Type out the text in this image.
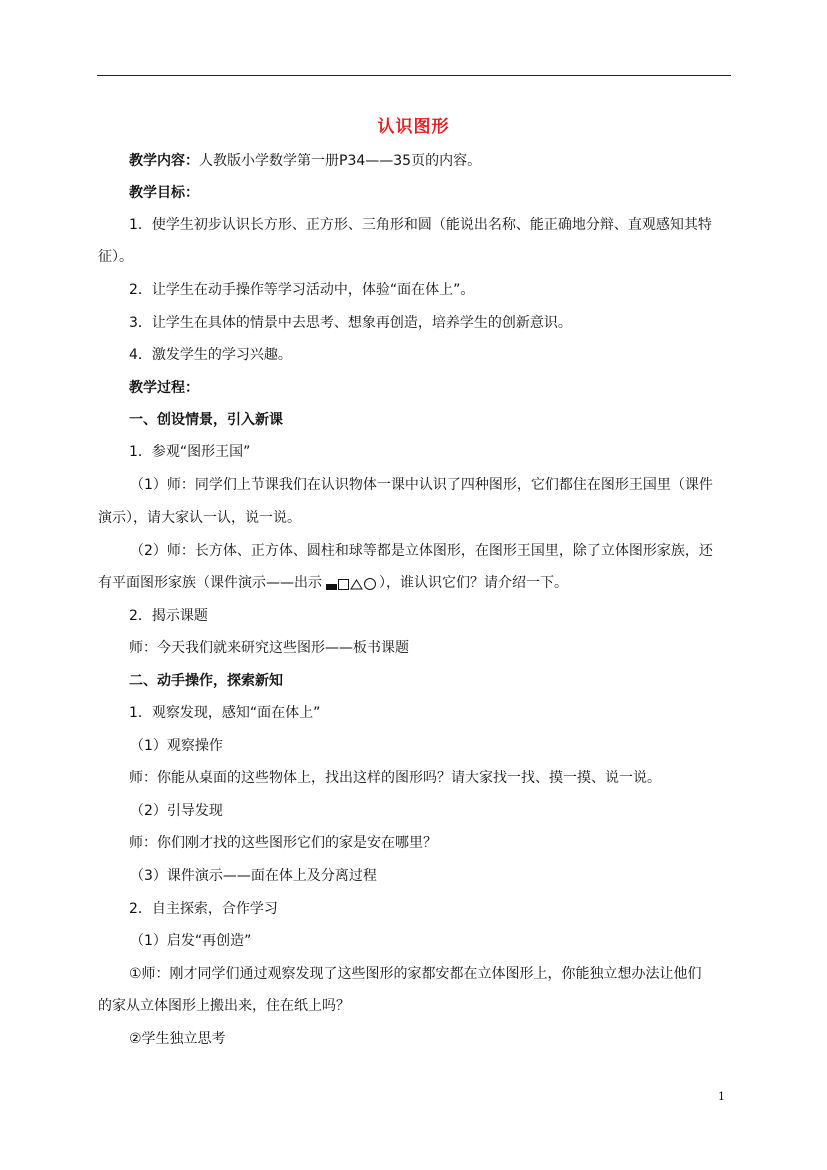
认识图形
教学内容：人教版小学数学第一册P34——35页的内容。
教学目标：
1．使学生初步认识长方形、正方形、三角形和圆（能说出名称、能正确地分辩、直观感知其特
征）。
2．让学生在动手操作等学习活动中，体验“面在体上”。
3．让学生在具体的情景中去思考、想象再创造，培养学生的创新意识。
4．激发学生的学习兴趣。
教学过程：
一、创设情景，引入新课
1．参观“图形王国”
（1）师：同学们上节课我们在认识物体一课中认识了四种图形，它们都住在图形王国里（课件
演示），请大家认一认，说一说。
（2）师：长方体、正方体、圆柱和球等都是立体图形，在图形王国里，除了立体图形家族，还
有平面图形家族（课件演示——出示	），谁认识它们？请介绍一下。
2．揭示课题
师：今天我们就来研究这些图形——板书课题
二、动手操作，探索新知
1．观察发现，感知“面在体上”
（1）观察操作
师：你能从桌面的这些物体上，找出这样的图形吗？请大家找一找、摸一摸、说一说。
（2）引导发现
师：你们刚才找的这些图形它们的家是安在哪里？
（3）课件演示——面在体上及分离过程
2．自主探索，合作学习
（1）启发“再创造”
①师：刚才同学们通过观察发现了这些图形的家都安都在立体图形上，你能独立想办法让他们
的家从立体图形上搬出来，住在纸上吗？
②学生独立思考
1
